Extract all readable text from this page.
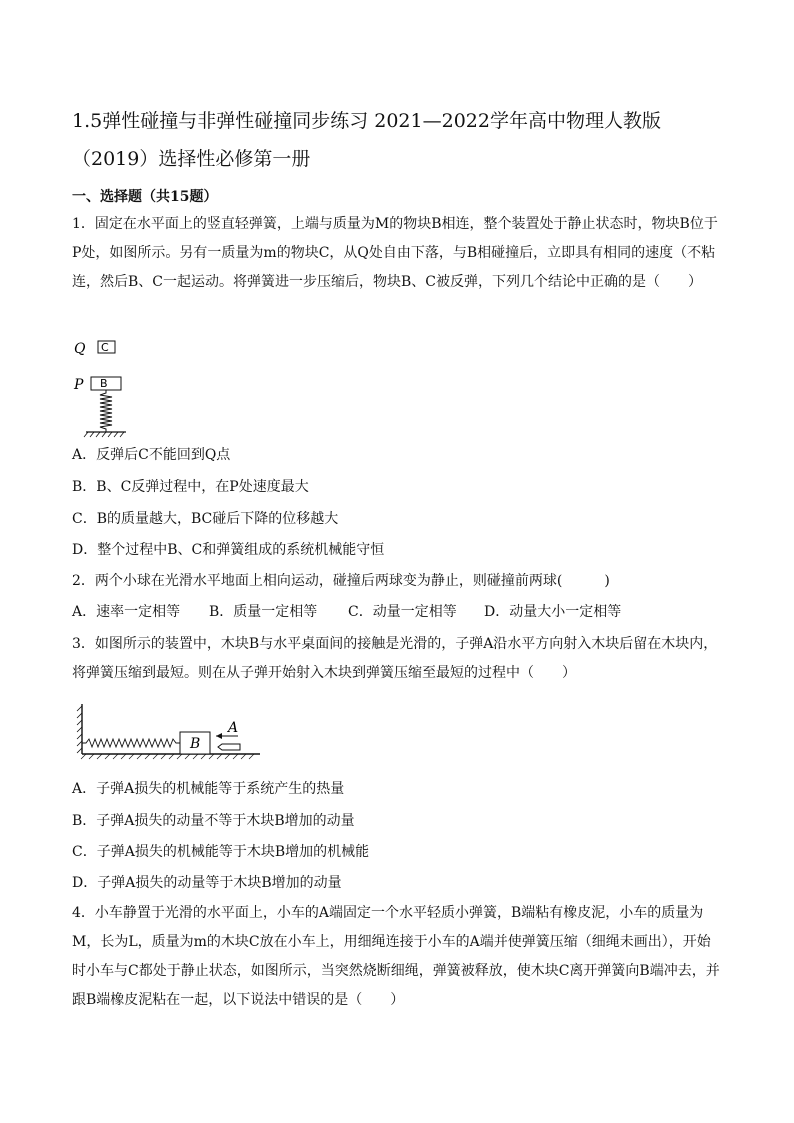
1.5弹性碰撞与非弹性碰撞同步练习 2021—2022学年高中物理人教版（2019）选择性必修第一册
一、选择题（共15题）
1．固定在水平面上的竖直轻弹簧，上端与质量为M的物块B相连，整个装置处于静止状态时，物块B位于P处，如图所示。另有一质量为m的物块C，从Q处自由下落，与B相碰撞后，立即具有相同的速度（不粘连，然后B、C一起运动。将弹簧进一步压缩后，物块B、C被反弹，下列几个结论中正确的是（　　）
Q C
P B
A．反弹后C不能回到Q点
B．B、C反弹过程中，在P处速度最大
C．B的质量越大，BC碰后下降的位移越大
D．整个过程中B、C和弹簧组成的系统机械能守恒
2．两个小球在光滑水平地面上相向运动，碰撞后两球变为静止，则碰撞前两球(　　　)
A．速率一定相等 B．质量一定相等 C．动量一定相等 D．动量大小一定相等
3．如图所示的装置中，木块B与水平桌面间的接触是光滑的，子弹A沿水平方向射入木块后留在木块内，将弹簧压缩到最短。则在从子弹开始射入木块到弹簧压缩至最短的过程中（　　）
B
A
A．子弹A损失的机械能等于系统产生的热量
B．子弹A损失的动量不等于木块B增加的动量
C．子弹A损失的机械能等于木块B增加的机械能
D．子弹A损失的动量等于木块B增加的动量
4．小车静置于光滑的水平面上，小车的A端固定一个水平轻质小弹簧，B端粘有橡皮泥，小车的质量为M，长为L，质量为m的木块C放在小车上，用细绳连接于小车的A端并使弹簧压缩（细绳未画出），开始时小车与C都处于静止状态，如图所示，当突然烧断细绳，弹簧被释放，使木块C离开弹簧向B端冲去，并跟B端橡皮泥粘在一起，以下说法中错误的是（　　）
